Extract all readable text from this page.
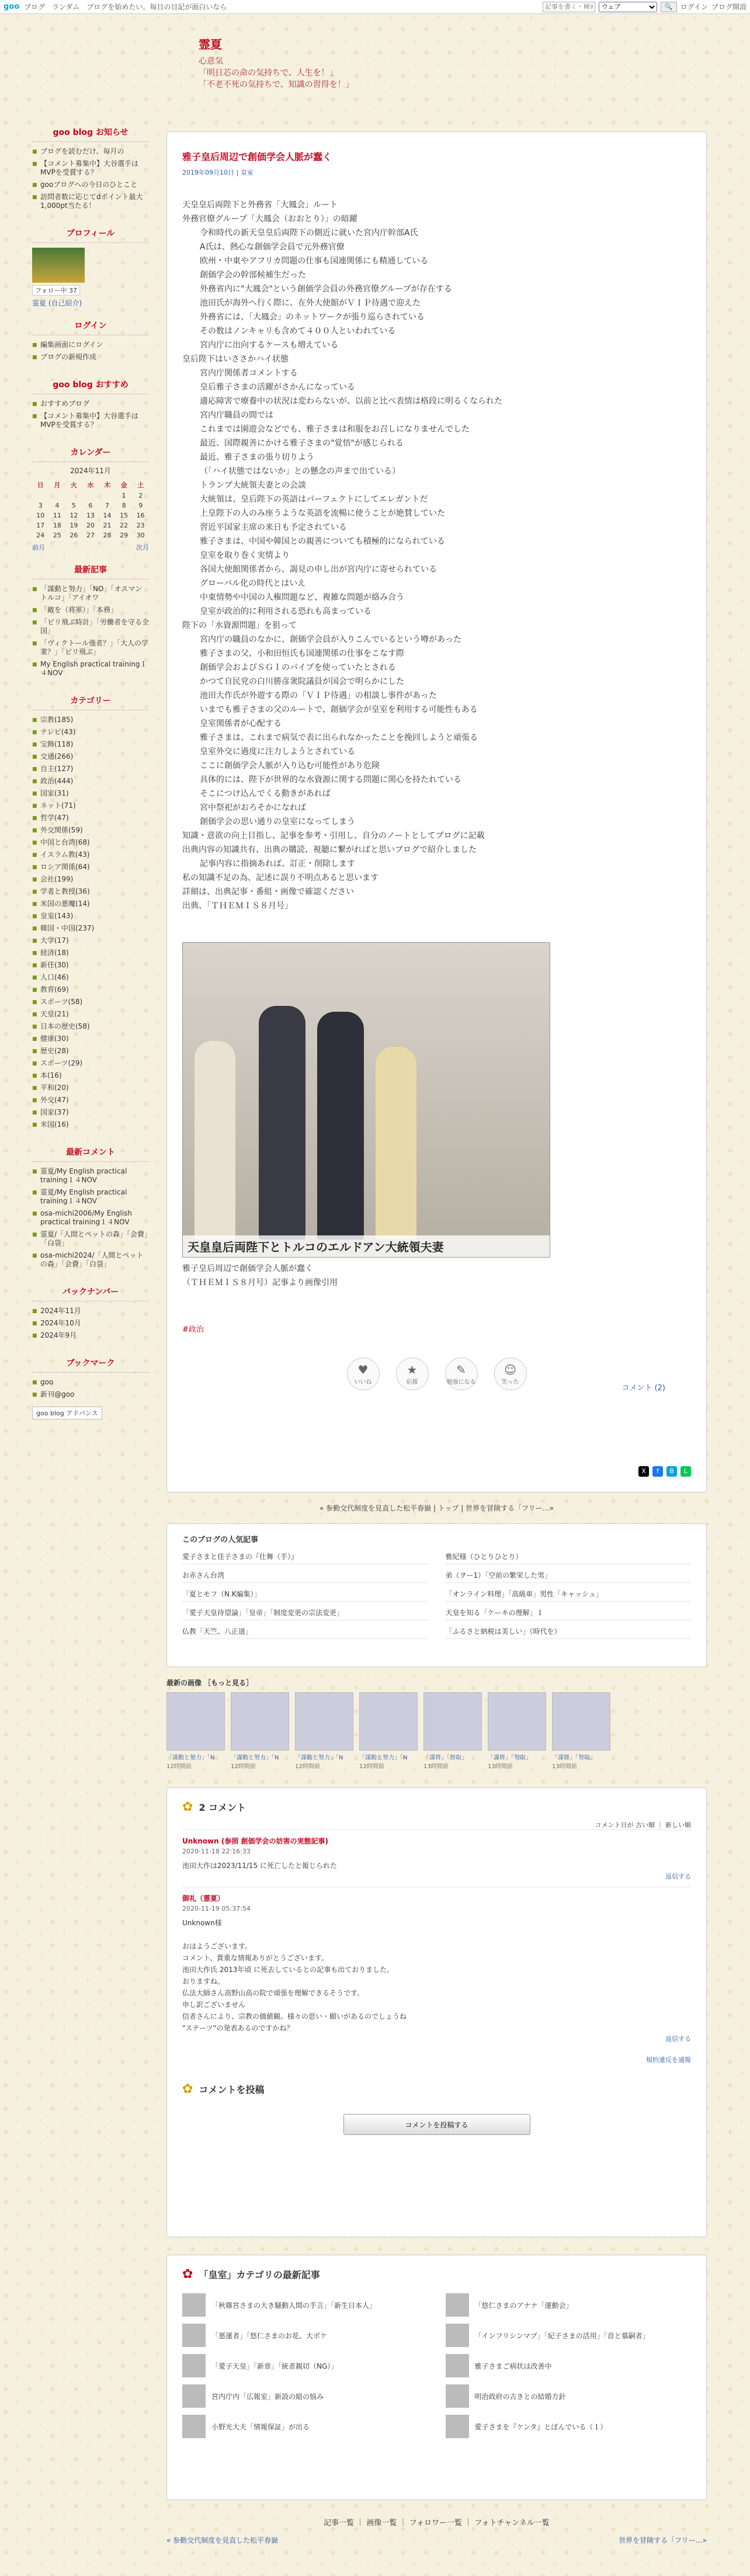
goo ブログ ランダム ブログを始めたい。毎日の日記が面白いなら
記事を書く・検索
ウェブ	🔍	ログイン ブログ開設
霊夏
心意気
「明日芯の命の気持ちで、人生を！」
「不老不死の気持ちで、知識の習得を！」
goo blog お知らせ
■ ブログを読むだけ、毎月の
■ 【コメント募集中】大谷選手はMVPを受賞する？
■ gooブログへの今日のひとこと
■ 訪問者数に応じてdポイント最大1,000pt当たる！
プロフィール
フォロー中 37
霊夏 (自己紹介)
ログイン
■ 編集画面にログイン
■ ブログの新規作成
goo blog おすすめ
■ おすすめブログ
■ 【コメント募集中】大谷選手はMVPを受賞する？
カレンダー
2024年11月
日	月	火	水	木	金	土
					1	2
3	4	5	6	7	8	9
10	11	12	13	14	15	16
17	18	19	20	21	22	23
24	25	26	27	28	29	30
前月	次月
最新記事
■ 「謀動と努力」「NO」「オスマントルコ」「アイオワ
■ 「敵を（将軍）」「本務」
■ 「ピリ飛ぶ時計」「労働者を守る全国」
■ 「ヴィクトール強者？」「大人の学業？」「ピリ飛ぶ」
■ My English practical training１４NOV
カテゴリー
■ 宗教(185)
■ テレビ(43)
■ 宝飾(118)
■ 交通(266)
■ 自主(127)
■ 政治(444)
■ 国家(31)
■ ネット(71)
■ 哲学(47)
■ 外交関係(59)
■ 中国と台湾(68)
■ イスラム教(43)
■ ロシア関係(64)
■ 会社(199)
■ 学者と教授(36)
■ 米国の悪魔(14)
■ 皇室(143)
■ 韓国・中国(237)
■ 大学(17)
■ 経済(18)
■ 新任(30)
■ 人口(46)
■ 教育(69)
■ スポーツ(58)
■ 天皇(21)
■ 日本の歴史(58)
■ 健康(30)
■ 歴史(28)
■ スポーツ(29)
■ 本(16)
■ 平和(20)
■ 外交(47)
■ 国家(37)
■ 米国(16)
最新コメント
■ 霊夏/My English practical training１４NOV
■ 霊夏/My English practical training１４NOV
■ osa-michi2006/My English practical training１４NOV
■ 霊夏/「人間とペットの森」「会費」「白袋」
■ osa-michi2024/「人間とペットの森」「会費」「白袋」
バックナンバー
■ 2024年11月
■ 2024年10月
■ 2024年9月
ブックマーク
■ goo
■ 新刊@goo
goo blog アドバンス
雅子皇后周辺で創価学会人脈が蠢く
2019年09月10日 | 皇室
天皇皇后両陛下と外務省「大鳳会」ルート
外務官僚グループ「大鳳会（おおとり）」の暗躍
令和時代の新天皇皇后両陛下の側近に就いた宮内庁幹部A氏
A氏は、熱心な創価学会員で元外務官僚
欧州・中東やアフリカ問題の仕事も国連関係にも精通している
創価学会の幹部候補生だった
外務省内に"大鳳会"という創価学会員の外務官僚グループが存在する
池田氏が海外へ行く際に、在外大使館がＶＩＰ待遇で迎えた
外務省には、「大鳳会」のネットワークが張り巡らされている
その数はノンキャリも含めて４００人といわれている
宮内庁に出向するケースも増えている
皇后陛下はいささかハイ状態
宮内庁関係者コメントする
皇后雅子さまの活躍がさかんになっている
適応障害で療養中の状況は変わらないが、以前と比べ表情は格段に明るくなられた
宮内庁職員の間では
これまでは園遊会などでも、雅子さまは和服をお召しになりませんでした
最近、国際親善にかける雅子さまの"覚悟"が感じられる
最近、雅子さまの張り切りよう
（「ハイ状態ではないか」との懸念の声まで出ている）
トランプ大統領夫妻との会談
大統領は、皇后陛下の英語はパーフェクトにしてエレガントだ
上皇陛下の人のみ座うような英語を流暢に使うことが絶賛していた
習近平国家主席の来日も予定されている
雅子さまは、中国や韓国との親善についても積極的になられている
皇室を取り巻く実情より
各国大使館関係者から、謁見の申し出が宮内庁に寄せられている
グローバル化の時代とはいえ
中東情勢や中国の人権問題など、複雑な問題が絡み合う
皇室が政治的に利用される恐れも高まっている
陛下の「水資源問題」を狙って
宮内庁の職員のなかに、創価学会員が入りこんでいるという噂があった
雅子さまの父、小和田恒氏も国連関係の仕事をこなす際
創価学会およびＳＧＩのパイプを使っていたとされる
かつて自民党の白川勝彦衆院議員が国会で明らかにした
池田大作氏が外遊する際の「ＶＩＰ待遇」の相談し事件があった
いまでも雅子さまの父のルートで、創価学会が皇室を利用する可能性もある
皇室関係者が心配する
雅子さまは、これまで病気で表に出られなかったことを挽回しようと頑張る
皇室外交に過度に注力しようとされている
ここに創価学会人脈が入り込む可能性があり危険
具体的には、陛下が世界的な水資源に関する問題に関心を持たれている
そこにつけ込んでくる動きがあれば
宮中祭祀がおろそかになれば
創価学会の思い通りの皇室になってしまう
知識・意欲の向上目指し、記事を参考・引用し、自分のノートとしてブログに記載
出典内容の知識共有、出典の購読、視聴に繋がればと思いブログで紹介しました
記事内容に指摘あれば、訂正・削除します
私の知識不足の為、記述に誤り不明点あると思います
詳細は、出典記事・番組・画像で確認ください
出典、「ＴＨＥＭＩＳ８月号」
天皇皇后両陛下とトルコのエルドアン大統領夫妻
雅子皇后周辺で創価学会人脈が蠢く
（ＴＨＥＭＩＳ８月号）記事より画像引用
#政治
♥
いいね
★
応援
✎
勉強になる
☺
笑った
コメント (2)
X	f	B	L
« 参勤交代制度を見直した松平春嶽 | トップ | 世界を冒険する「フリー…»
このブログの人気記事
愛子さまと佳子さまの『仕舞（手）』	雅紀様（ひとりひとり）
お赤さん台湾	弟（ヲー1）「空前の繁栄した男」
「夏とモフ（N.K編集）」	「オンライン料理」「高級車」男性「キャッシュ」
「愛子天皇待望論」「皇帝」「制度変更の宗法変更」	天皇を知る「ケーキの理解」１
仏教「天竺、八正道」	「ふるさと納税は美しい」（時代を）
最新の画像 ［もっと見る］
「謀動と努力」「N
12時間前
「謀動と努力」「N
12時間前
「謀動と努力」「N
12時間前
「謀動と努力」「N
12時間前
「謀将」「努取」
13時間前
「謀将」「努取」
13時間前
「謀将」「努取」
13時間前
✿ 2 コメント
コメント日が 古い順 ｜ 新しい順
Unknown (参照 創価学会の妨害の実態記事)
2020-11-18 22:16:33
池田大作は2023/11/15 に死亡したと報じられた
返信する
御礼（霊夏）
2020-11-19 05:37:54
Unknown様

おはようございます。
コメント、貴重な情報ありがとうございます。
池田大作氏 2013年頃 に死去しているとの記事も出ておりました。
おりますね。
仏法大師さん高野山高の院で頑張を理解できるそうです。
申し訳ございません
信者さんにより、宗教の価値観、様々の思い・願いがあるのでしょうね
"ステーツ"の発表あるのですかね？
返信する
規約違反を通報
✿ コメントを投稿
コメントを投稿する
✿ 「皇室」カテゴリの最新記事
「秋篠宮さまの大き騒動人間の手言」「新生日本人」	「悠仁さまのアナナ「運動会」
「悪運者」「悠仁さまのお花、大ボケ	「インフリシンマブ」「紀子さまの活用」「首と慕嗣者」
「愛子天皇」「新章」「統者親切（NG）」	雅子さまご病状は改善中
宮内庁内「広報室」新設の組の悩み	明治政府の古きとの結婚方針
小野光大夫「情報保証」が出る	愛子さまを『ケンタ』とぼんでいる（１）
記事一覧 ｜ 画像一覧 ｜ フォロワー一覧 ｜ フォトチャンネル一覧
« 参勤交代制度を見直した松平春嶽	世界を冒険する「フリー…»
